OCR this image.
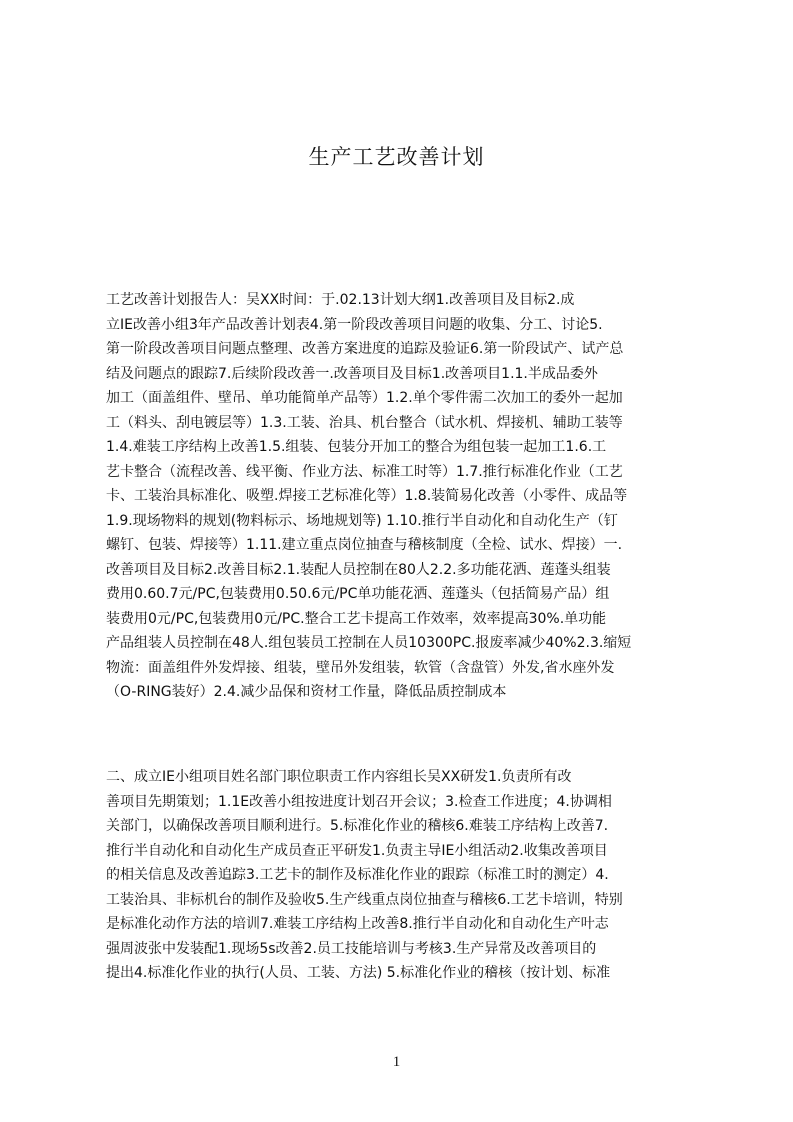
生产工艺改善计划
工艺改善计划报告人：吴XX时间：于.02.13计划大纲1.改善项目及目标2.成
立IE改善小组3年产品改善计划表4.第一阶段改善项目问题的收集、分工、讨论5.
第一阶段改善项目问题点整理、改善方案进度的追踪及验证6.第一阶段试产、试产总
结及问题点的跟踪7.后续阶段改善一.改善项目及目标1.改善项目1.1.半成品委外
加工（面盖组件、壁吊、单功能简单产品等）1.2.单个零件需二次加工的委外一起加
工（料头、刮电镀层等）1.3.工装、治具、机台整合（试水机、焊接机、辅助工装等
1.4.难装工序结构上改善1.5.组装、包装分开加工的整合为组包装一起加工1.6.工
艺卡整合（流程改善、线平衡、作业方法、标准工时等）1.7.推行标准化作业（工艺
卡、工装治具标准化、吸塑.焊接工艺标准化等）1.8.装简易化改善（小零件、成品等
1.9.现场物料的规划(物料标示、场地规划等) 1.10.推行半自动化和自动化生产（钉
螺钉、包装、焊接等）1.11.建立重点岗位抽查与稽核制度（全检、试水、焊接）一.
改善项目及目标2.改善目标2.1.装配人员控制在80人2.2.多功能花洒、莲蓬头组装
费用0.60.7元/PC,包装费用0.50.6元/PC单功能花洒、莲蓬头（包括简易产品）组
装费用0元/PC,包装费用0元/PC.整合工艺卡提高工作效率，效率提高30%.单功能
产品组装人员控制在48人.组包装员工控制在人员10300PC.报废率减少40%2.3.缩短
物流：面盖组件外发焊接、组装，壁吊外发组装，软管（含盘管）外发,省水座外发
（O-RING装好）2.4.减少品保和资材工作量，降低品质控制成本
二、成立IE小组项目姓名部门职位职责工作内容组长吴XX研发1.负责所有改
善项目先期策划；1.1E改善小组按进度计划召开会议；3.检查工作进度；4.协调相
关部门，以确保改善项目顺利进行。5.标准化作业的稽核6.难装工序结构上改善7.
推行半自动化和自动化生产成员查正平研发1.负责主导IE小组活动2.收集改善项目
的相关信息及改善追踪3.工艺卡的制作及标准化作业的跟踪（标准工时的测定）4.
工装治具、非标机台的制作及验收5.生产线重点岗位抽查与稽核6.工艺卡培训，特别
是标准化动作方法的培训7.难装工序结构上改善8.推行半自动化和自动化生产叶志
强周波张中发装配1.现场5s改善2.员工技能培训与考核3.生产异常及改善项目的
提出4.标准化作业的执行(人员、工装、方法) 5.标准化作业的稽核（按计划、标准
1
